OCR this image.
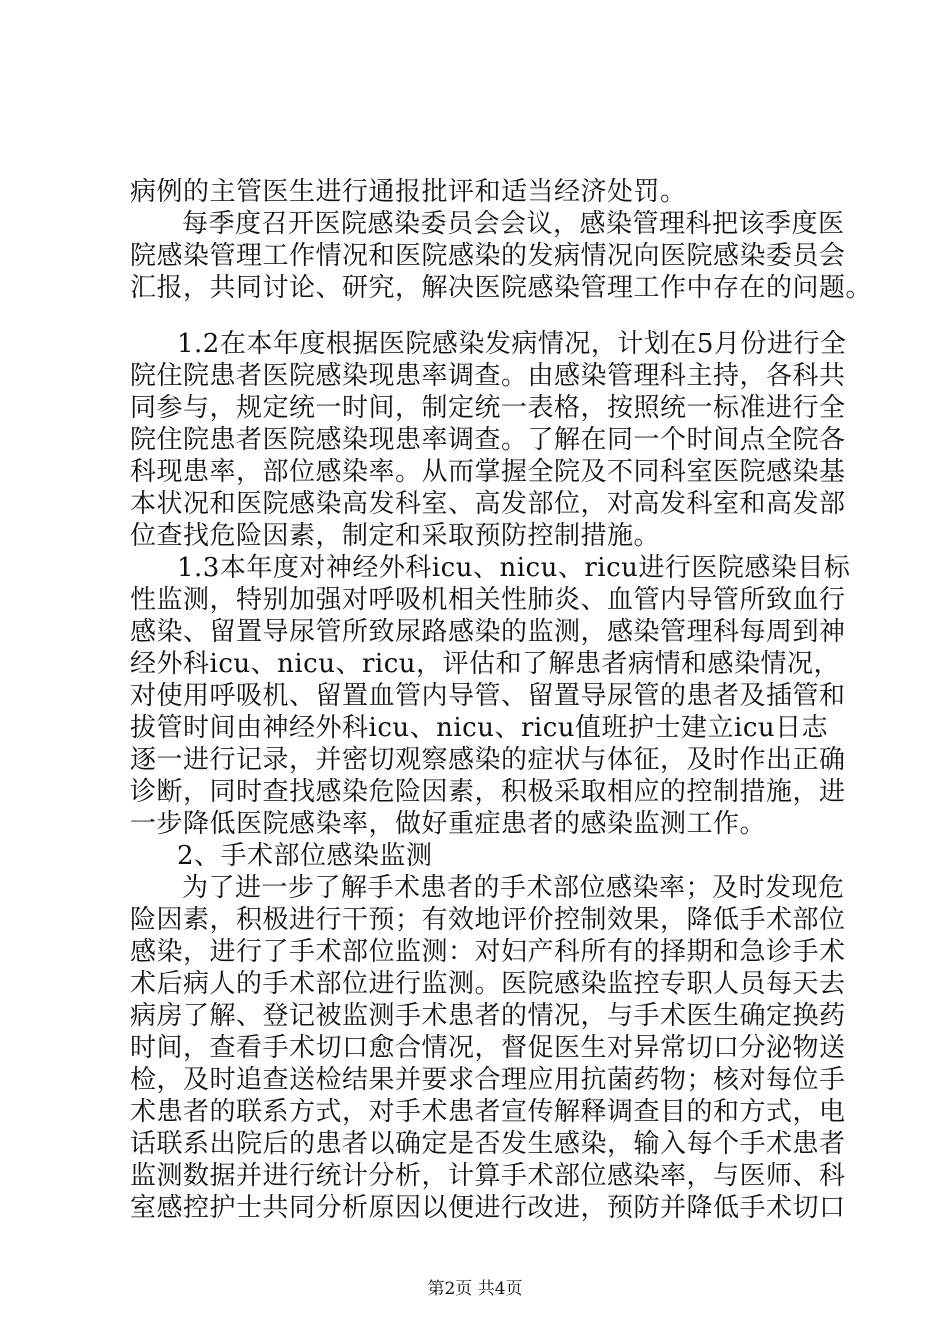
病例的主管医生进行通报批评和适当经济处罚。
每季度召开医院感染委员会会议，感染管理科把该季度医
院感染管理工作情况和医院感染的发病情况向医院感染委员会
汇报，共同讨论、研究，解决医院感染管理工作中存在的问题。
1.2在本年度根据医院感染发病情况，计划在5月份进行全
院住院患者医院感染现患率调查。由感染管理科主持，各科共
同参与，规定统一时间，制定统一表格，按照统一标准进行全
院住院患者医院感染现患率调查。了解在同一个时间点全院各
科现患率，部位感染率。从而掌握全院及不同科室医院感染基
本状况和医院感染高发科室、高发部位，对高发科室和高发部
位查找危险因素，制定和采取预防控制措施。
1.3本年度对神经外科icu、nicu、ricu进行医院感染目标
性监测，特别加强对呼吸机相关性肺炎、血管内导管所致血行
感染、留置导尿管所致尿路感染的监测，感染管理科每周到神
经外科icu、nicu、ricu，评估和了解患者病情和感染情况，
对使用呼吸机、留置血管内导管、留置导尿管的患者及插管和
拔管时间由神经外科icu、nicu、ricu值班护士建立icu日志
逐一进行记录，并密切观察感染的症状与体征，及时作出正确
诊断，同时查找感染危险因素，积极采取相应的控制措施，进
一步降低医院感染率，做好重症患者的感染监测工作。
2、手术部位感染监测
为了进一步了解手术患者的手术部位感染率；及时发现危
险因素，积极进行干预；有效地评价控制效果，降低手术部位
感染，进行了手术部位监测：对妇产科所有的择期和急诊手术
术后病人的手术部位进行监测。医院感染监控专职人员每天去
病房了解、登记被监测手术患者的情况，与手术医生确定换药
时间，查看手术切口愈合情况，督促医生对异常切口分泌物送
检，及时追查送检结果并要求合理应用抗菌药物；核对每位手
术患者的联系方式，对手术患者宣传解释调查目的和方式，电
话联系出院后的患者以确定是否发生感染，输入每个手术患者
监测数据并进行统计分析，计算手术部位感染率，与医师、科
室感控护士共同分析原因以便进行改进，预防并降低手术切口
第2页 共4页
